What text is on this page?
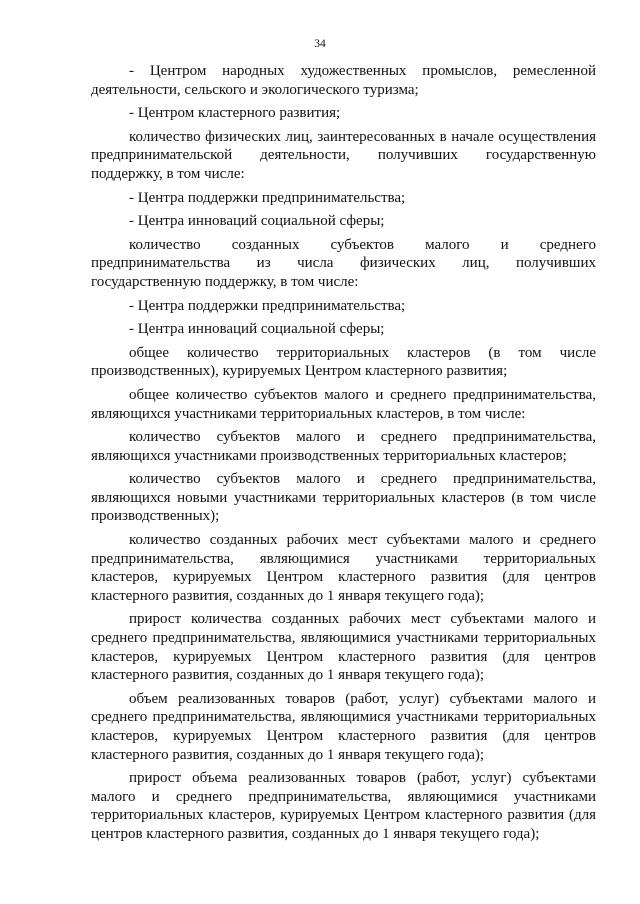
34

- Центром народных художественных промыслов, ремесленной деятельности, сельского и экологического туризма;

- Центром кластерного развития;

количество физических лиц, заинтересованных в начале осуществления предпринимательской деятельности, получивших государственную поддержку, в том числе:

- Центра поддержки предпринимательства;

- Центра инноваций социальной сферы;

количество созданных субъектов малого и среднего предпринимательства из числа физических лиц, получивших государственную поддержку, в том числе:

- Центра поддержки предпринимательства;

- Центра инноваций социальной сферы;

общее количество территориальных кластеров (в том числе производственных), курируемых Центром кластерного развития;

общее количество субъектов малого и среднего предпринимательства, являющихся участниками территориальных кластеров, в том числе:

количество субъектов малого и среднего предпринимательства, являющихся участниками производственных территориальных кластеров;

количество субъектов малого и среднего предпринимательства, являющихся новыми участниками территориальных кластеров (в том числе производственных);

количество созданных рабочих мест субъектами малого и среднего предпринимательства, являющимися участниками территориальных кластеров, курируемых Центром кластерного развития (для центров кластерного развития, созданных до 1 января текущего года);

прирост количества созданных рабочих мест субъектами малого и среднего предпринимательства, являющимися участниками территориальных кластеров, курируемых Центром кластерного развития (для центров кластерного развития, созданных до 1 января текущего года);

объем реализованных товаров (работ, услуг) субъектами малого и среднего предпринимательства, являющимися участниками территориальных кластеров, курируемых Центром кластерного развития (для центров кластерного развития, созданных до 1 января текущего года);

прирост объема реализованных товаров (работ, услуг) субъектами малого и среднего предпринимательства, являющимися участниками территориальных кластеров, курируемых Центром кластерного развития (для центров кластерного развития, созданных до 1 января текущего года);
